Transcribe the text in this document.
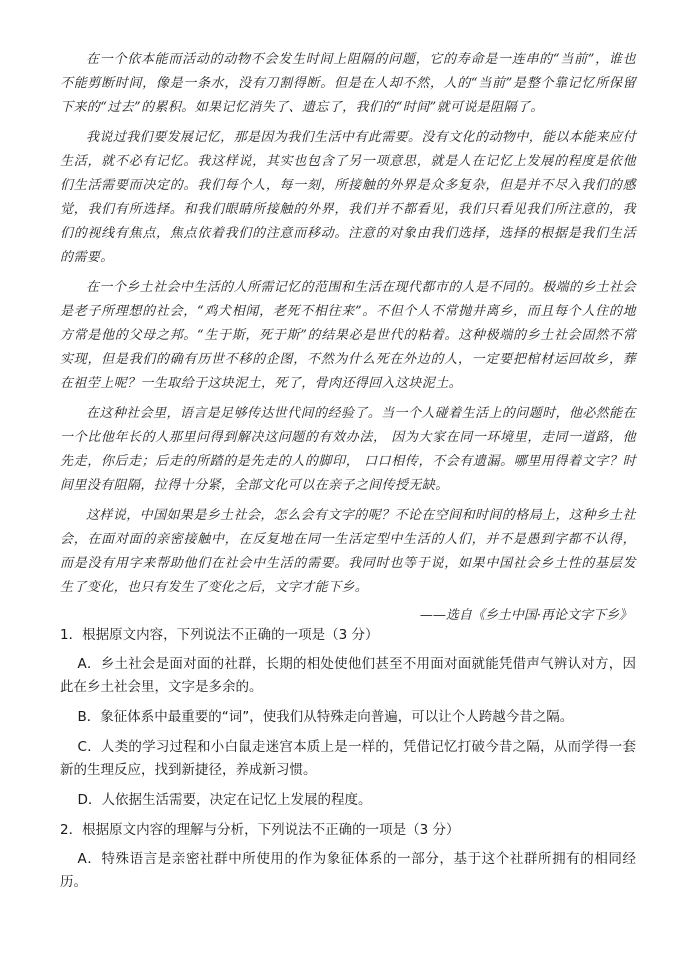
在一个依本能而活动的动物不会发生时间上阻隔的问题，它的寿命是一连串的“当前”，谁也不能剪断时间，像是一条水，没有刀割得断。但是在人却不然，人的“当前”是整个靠记忆所保留下来的“过去”的累积。如果记忆消失了、遗忘了，我们的“时间”就可说是阻隔了。

我说过我们要发展记忆，那是因为我们生活中有此需要。没有文化的动物中，能以本能来应付生活，就不必有记忆。我这样说，其实也包含了另一项意思，就是人在记忆上发展的程度是依他们生活需要而决定的。我们每个人，每一刻，所接触的外界是众多复杂，但是并不尽入我们的感觉，我们有所选择。和我们眼睛所接触的外界，我们并不都看见，我们只看见我们所注意的，我们的视线有焦点，焦点依着我们的注意而移动。注意的对象由我们选择，选择的根据是我们生活的需要。

在一个乡土社会中生活的人所需记忆的范围和生活在现代都市的人是不同的。极端的乡土社会是老子所理想的社会，“鸡犬相闻，老死不相往来”。不但个人不常抛井离乡，而且每个人住的地方常是他的父母之邦。“生于斯，死于斯”的结果必是世代的粘着。这种极端的乡土社会固然不常实现，但是我们的确有历世不移的企图，不然为什么死在外边的人，一定要把棺材运回故乡，葬在祖茔上呢？一生取给于这块泥土，死了，骨肉还得回入这块泥土。

在这种社会里，语言是足够传达世代间的经验了。当一个人碰着生活上的问题时，他必然能在一个比他年长的人那里问得到解决这问题的有效办法， 因为大家在同一环境里，走同一道路，他先走，你后走；后走的所踏的是先走的人的脚印， 口口相传，不会有遗漏。哪里用得着文字？时间里没有阻隔，拉得十分紧，全部文化可以在亲子之间传授无缺。

这样说，中国如果是乡土社会，怎么会有文字的呢？不论在空间和时间的格局上，这种乡土社会，在面对面的亲密接触中，在反复地在同一生活定型中生活的人们，并不是愚到字都不认得，而是没有用字来帮助他们在社会中生活的需要。我同时也等于说，如果中国社会乡土性的基层发生了变化，也只有发生了变化之后，文字才能下乡。

——选自《乡土中国·再论文字下乡》

1．根据原文内容，下列说法不正确的一项是（3 分）

A．乡土社会是面对面的社群，长期的相处使他们甚至不用面对面就能凭借声气辨认对方，因此在乡土社会里，文字是多余的。

B．象征体系中最重要的“词”，使我们从特殊走向普遍，可以让个人跨越今昔之隔。

C．人类的学习过程和小白鼠走迷宫本质上是一样的，凭借记忆打破今昔之隔，从而学得一套新的生理反应，找到新捷径，养成新习惯。

D．人依据生活需要，决定在记忆上发展的程度。

2．根据原文内容的理解与分析，下列说法不正确的一项是（3 分）

A．特殊语言是亲密社群中所使用的作为象征体系的一部分，基于这个社群所拥有的相同经历。
